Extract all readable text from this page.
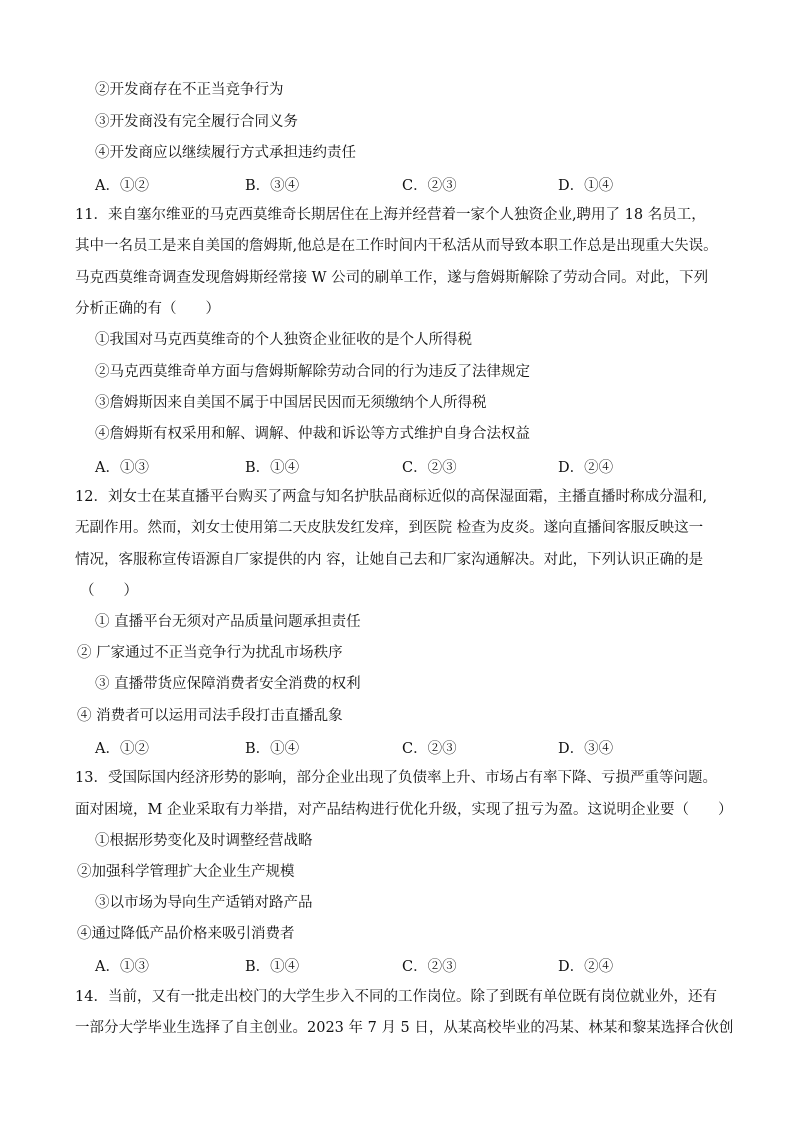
②开发商存在不正当竞争行为
③开发商没有完全履行合同义务
④开发商应以继续履行方式承担违约责任
A．①②	B．③④	C．②③	D．①④
11．来自塞尔维亚的马克西莫维奇长期居住在上海并经营着一家个人独资企业,聘用了 18 名员工，
其中一名员工是来自美国的詹姆斯,他总是在工作时间内干私活从而导致本职工作总是出现重大失误。
马克西莫维奇调查发现詹姆斯经常接 W 公司的刷单工作，遂与詹姆斯解除了劳动合同。对此，下列
分析正确的有（　　）
①我国对马克西莫维奇的个人独资企业征收的是个人所得税
②马克西莫维奇单方面与詹姆斯解除劳动合同的行为违反了法律规定
③詹姆斯因来自美国不属于中国居民因而无须缴纳个人所得税
④詹姆斯有权采用和解、调解、仲裁和诉讼等方式维护自身合法权益
A．①③	B．①④	C．②③	D．②④
12．刘女士在某直播平台购买了两盒与知名护肤品商标近似的高保湿面霜，主播直播时称成分温和,
无副作用。然而，刘女士使用第二天皮肤发红发痒，到医院 检查为皮炎。遂向直播间客服反映这一
情况，客服称宣传语源自厂家提供的内 容，让她自己去和厂家沟通解决。对此，下列认识正确的是
（　　）
① 直播平台无须对产品质量问题承担责任
② 厂家通过不正当竞争行为扰乱市场秩序
③ 直播带货应保障消费者安全消费的权利
④ 消费者可以运用司法手段打击直播乱象
A．①②	B．①④	C．②③	D．③④
13．受国际国内经济形势的影响，部分企业出现了负债率上升、市场占有率下降、亏损严重等问题。
面对困境，M 企业采取有力举措，对产品结构进行优化升级，实现了扭亏为盈。这说明企业要（　　）
①根据形势变化及时调整经营战略
②加强科学管理扩大企业生产规模
③以市场为导向生产适销对路产品
④通过降低产品价格来吸引消费者
A．①③	B．①④	C．②③	D．②④
14．当前，又有一批走出校门的大学生步入不同的工作岗位。除了到既有单位既有岗位就业外，还有
一部分大学毕业生选择了自主创业。2023 年 7 月 5 日，从某高校毕业的冯某、林某和黎某选择合伙创
